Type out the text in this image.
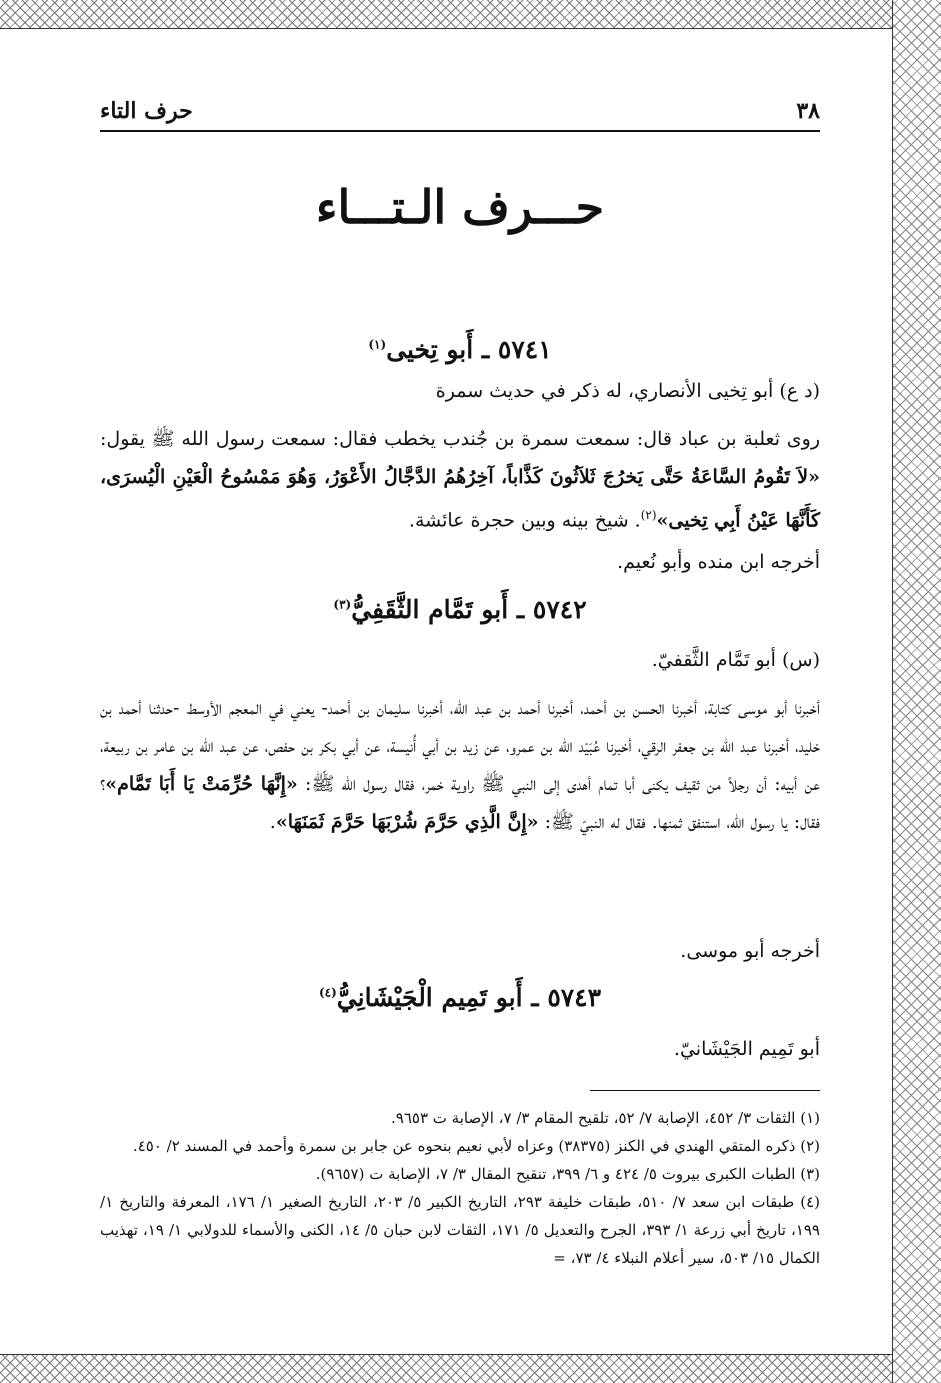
٣٨
حرف التاء
حـــرف الـتـــاء
٥٧٤١ ـ أَبو تِخيى$^{(١)}$
(د ع) أبو تِخيى الأنصاري، له ذكر في حديث سمرة
روى ثعلبة بن عباد قال: سمعت سمرة بن جُندب يخطب فقال: سمعت رسول الله ﷺ يقول: «لاَ تَقُومُ السَّاعَةُ حَتَّى يَخرُجَ ثَلاَثُونَ كَذَّاباً، آخِرُهُمُ الدَّجَّالُ الأَعْوَرُ، وَهُوَ مَمْسُوحُ الْعَيْنِ الْيُسرَى، كَأَنَّهَا عَيْنُ أَبِي تِخيى»$^{(٢)}$. شيخ بينه وبين حجرة عائشة.
أخرجه ابن منده وأبو نُعيم.
٥٧٤٢ ـ أَبو تَمَّام الثَّقَفِيُّ$^{(٣)}$
(س) أبو تَمَّام الثَّقفيّ.
أخبرنا أبو موسى كتابة، أخبرنا الحسن بن أحمد، أخبرنا أحمد بن عبد الله، أخبرنا سليمان بن أحمد- يعني في المعجم الأوسط -حدثنا أحمد بن خليد، أخبرنا عبد الله بن جعفر الرقي، أخبرنا عُبَيْد الله بن عمرو، عن زيد بن أبي أُنيسة، عن أبي بكر بن حفص، عن عبد الله بن عامر بن ربيعة، عن أبيه: أن رجلاً من ثقيف يكنى أبا تمام أهدى إلى النبي ﷺ راوية خمر، فقال رسول الله ﷺ: «إِنَّهَا حُرِّمَتْ يَا أَبَا تَمَّام»؟ فقال: يا رسول الله، استنفق ثمنها. فقال له النبيّ ﷺ: «إِنَّ الَّذِي حَرَّمَ شُرْبَهَا حَرَّمَ ثَمَنَهَا».
أخرجه أبو موسى.
٥٧٤٣ ـ أَبو تَمِيم الْجَيْشَانِيُّ$^{(٤)}$
أبو تَمِيم الجَيْشَانيّ.

(١) الثقات ٣/ ٤٥٢، الإصابة ٧/ ٥٢، تلقيح المقام ٣/ ٧، الإصابة ت ٩٦٥٣.

(٢) ذكره المتقي الهندي في الكنز (٣٨٣٧٥) وعزاه لأبي نعيم بنحوه عن جابر بن سمرة وأحمد في المسند ٢/ ٤٥٠.

(٣) الطبات الكبرى بيروت ٥/ ٤٢٤ و ٦/ ٣٩٩، تنقيح المقال ٣/ ٧، الإصابة ت (٩٦٥٧).

(٤) طبقات ابن سعد ٧/ ٥١٠، طبقات خليفة ٢٩٣، التاريخ الكبير ٥/ ٢٠٣، التاريخ الصغير ١/ ١٧٦، المعرفة والتاريخ ١/ ١٩٩، تاريخ أبي زرعة ١/ ٣٩٣، الجرح والتعديل ٥/ ١٧١، الثقات لابن حبان ٥/ ١٤، الكنى والأسماء للدولابي ١/ ١٩، تهذيب الكمال ١٥/ ٥٠٣، سير أعلام النبلاء ٤/ ٧٣، =
